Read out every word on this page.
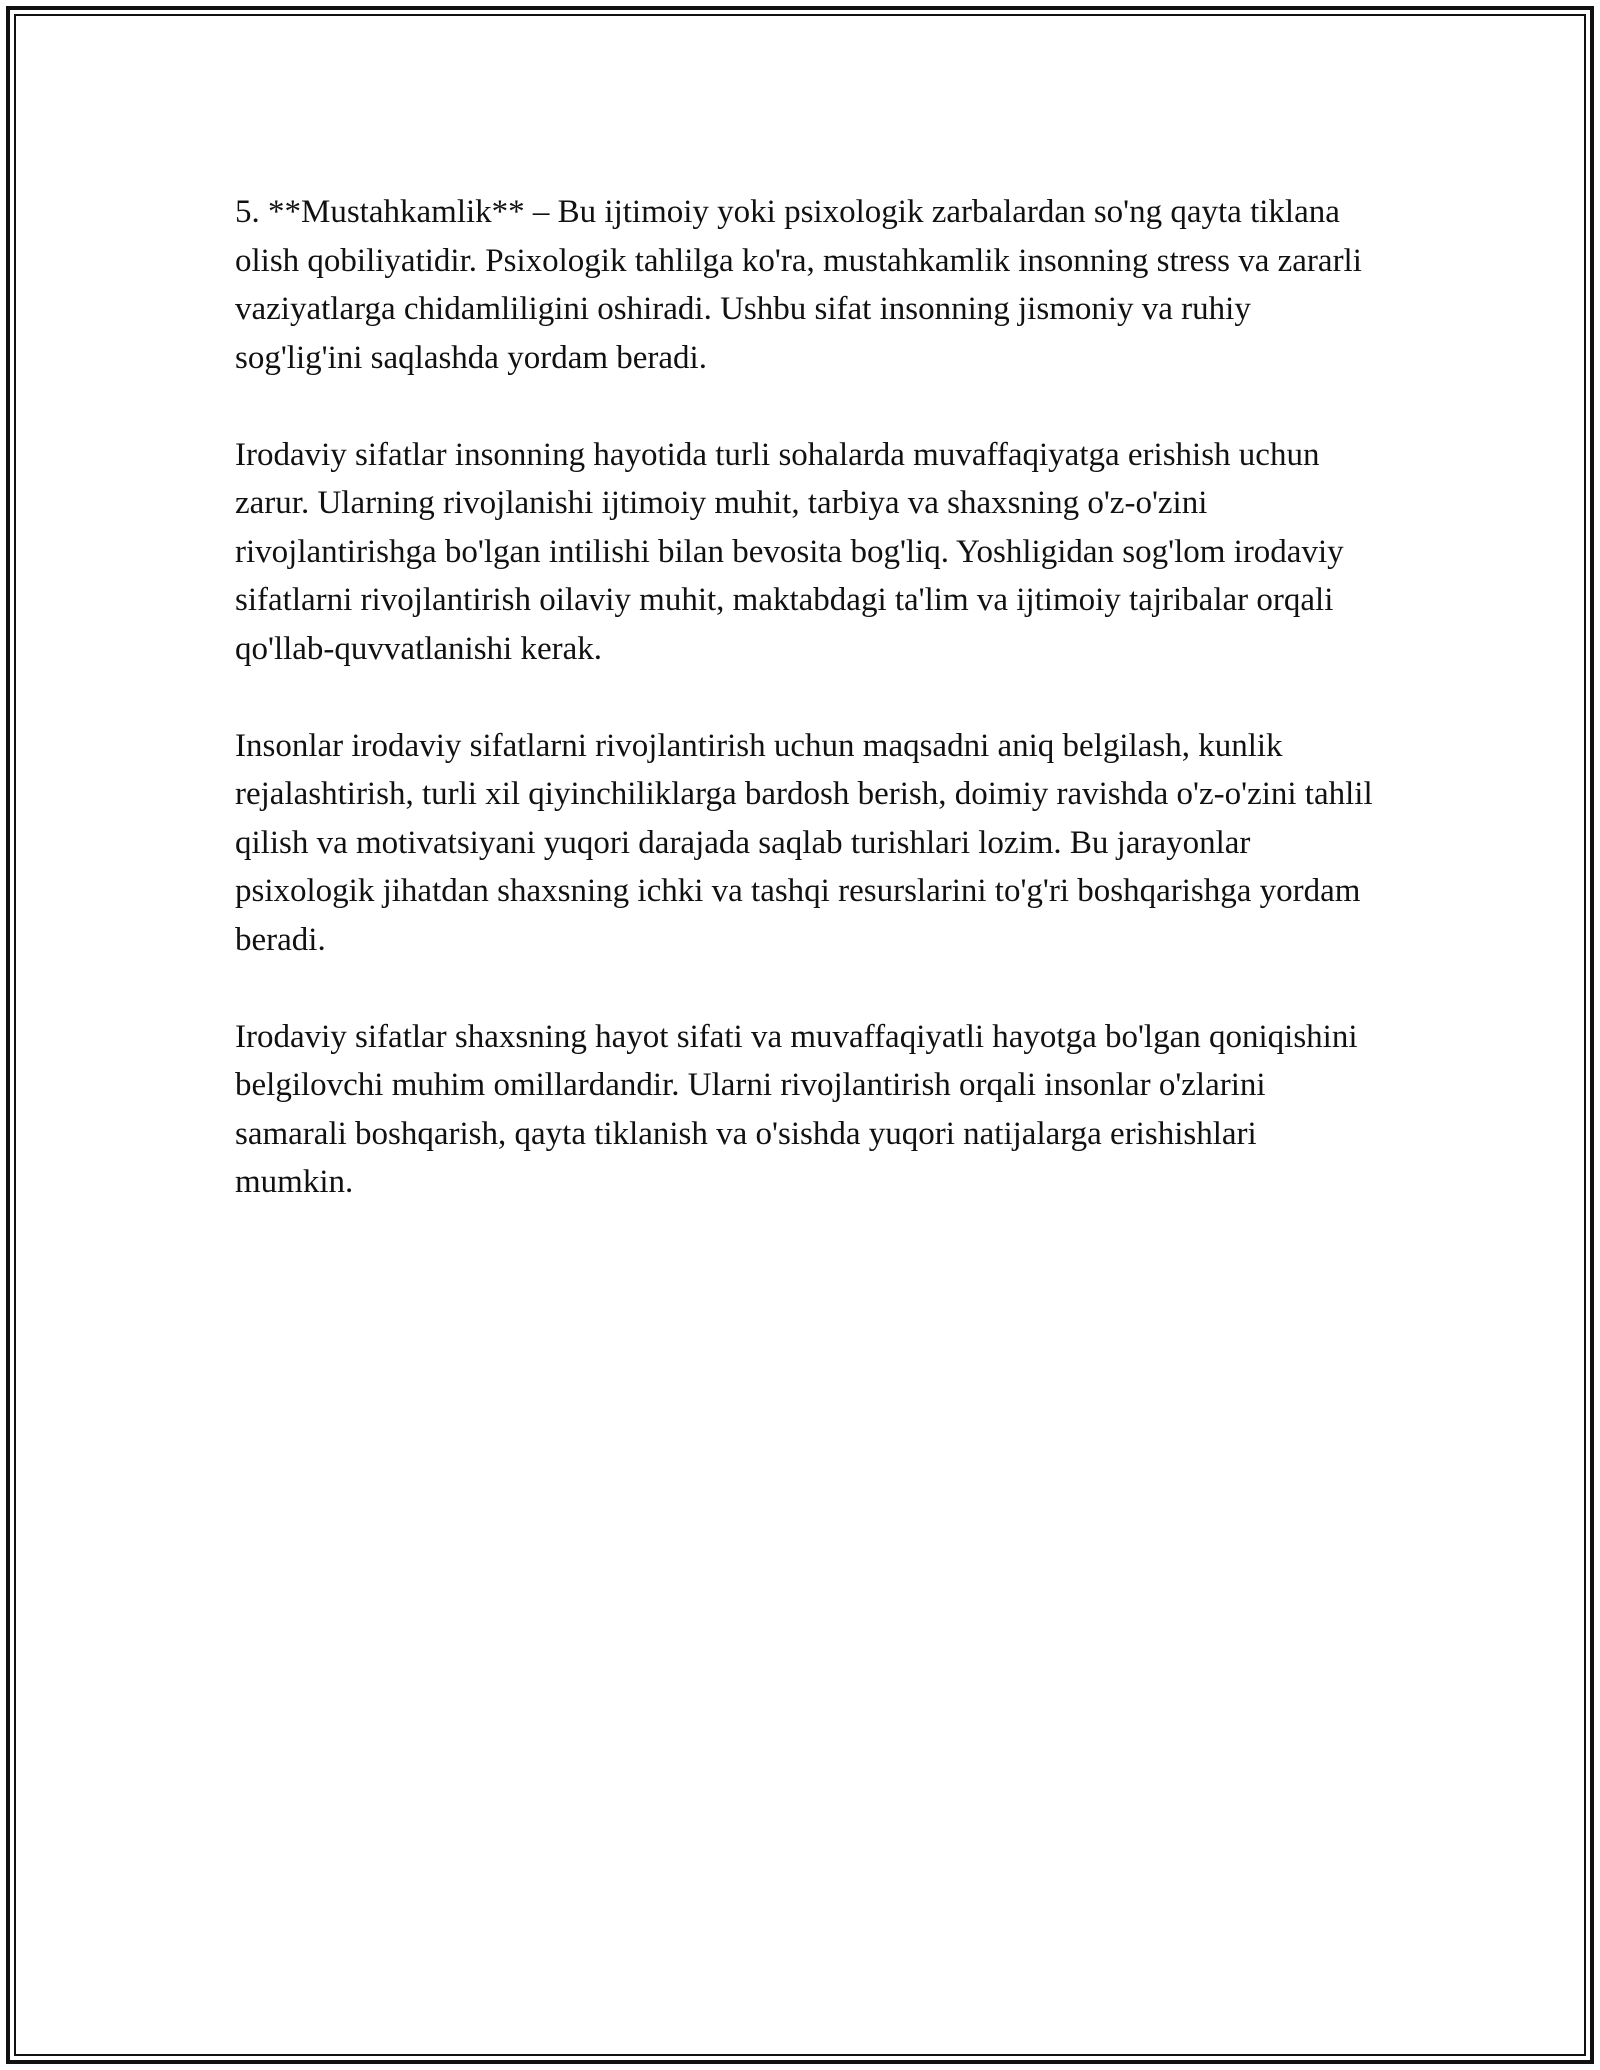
5. **Mustahkamlik** – Bu ijtimoiy yoki psixologik zarbalardan so'ng qayta tiklana olish qobiliyatidir. Psixologik tahlilga ko'ra, mustahkamlik insonning stress va zararli vaziyatlarga chidamliligini oshiradi. Ushbu sifat insonning jismoniy va ruhiy sog'lig'ini saqlashda yordam beradi.

Irodaviy sifatlar insonning hayotida turli sohalarda muvaffaqiyatga erishish uchun zarur. Ularning rivojlanishi ijtimoiy muhit, tarbiya va shaxsning o'z-o'zini rivojlantirishga bo'lgan intilishi bilan bevosita bog'liq. Yoshligidan sog'lom irodaviy sifatlarni rivojlantirish oilaviy muhit, maktabdagi ta'lim va ijtimoiy tajribalar orqali qo'llab-quvvatlanishi kerak.

Insonlar irodaviy sifatlarni rivojlantirish uchun maqsadni aniq belgilash, kunlik rejalashtirish, turli xil qiyinchiliklarga bardosh berish, doimiy ravishda o'z-o'zini tahlil qilish va motivatsiyani yuqori darajada saqlab turishlari lozim. Bu jarayonlar psixologik jihatdan shaxsning ichki va tashqi resurslarini to'g'ri boshqarishga yordam beradi.

Irodaviy sifatlar shaxsning hayot sifati va muvaffaqiyatli hayotga bo'lgan qoniqishini belgilovchi muhim omillardandir. Ularni rivojlantirish orqali insonlar o'zlarini samarali boshqarish, qayta tiklanish va o'sishda yuqori natijalarga erishishlari mumkin.
